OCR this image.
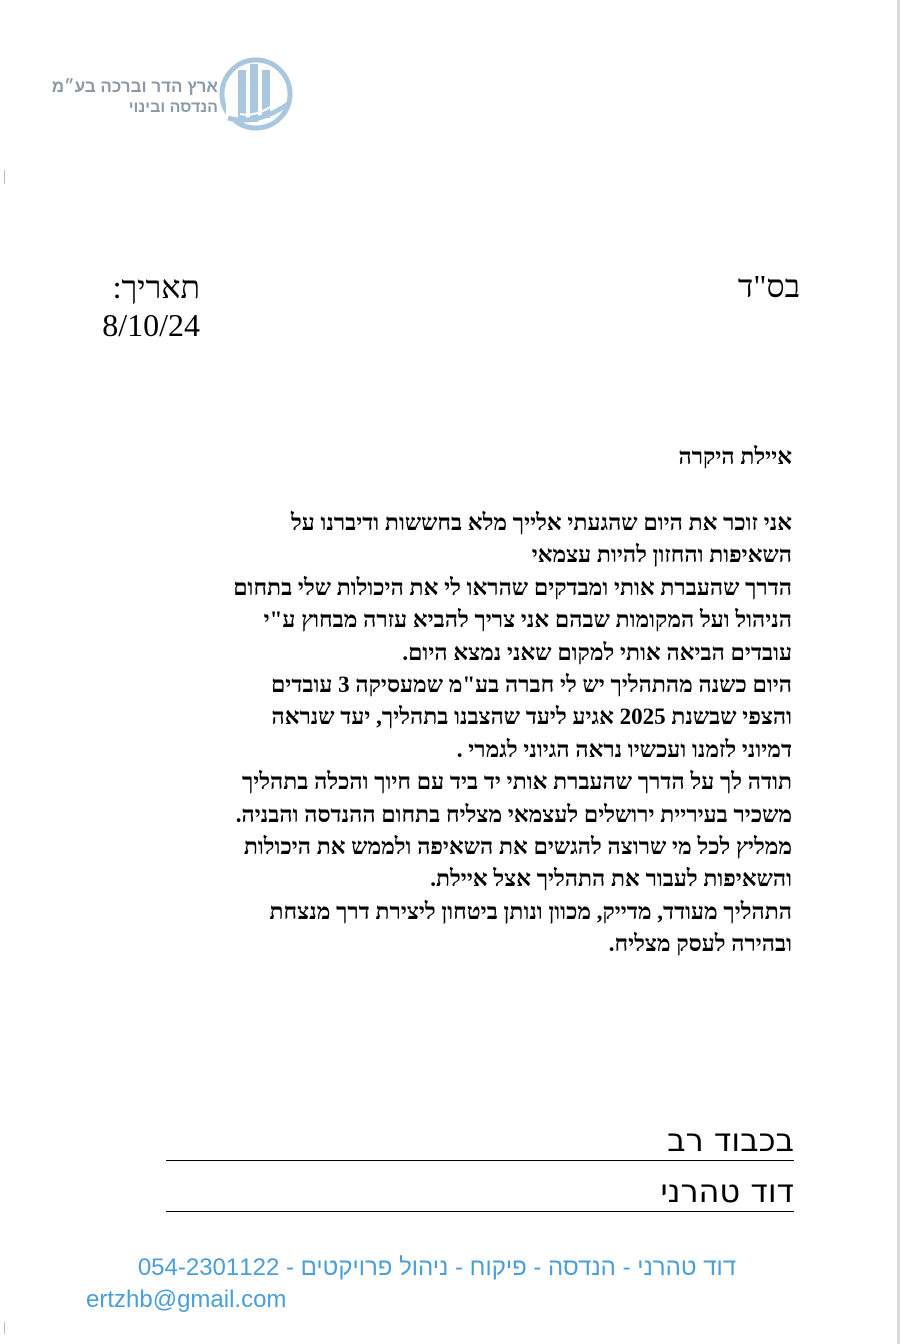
ארץ הדר וברכה בע״מ
הנדסה ובינוי
בס"ד
תאריך:
8/10/24
איילת היקרה
אני זוכר את היום שהגעתי אלייך מלא בחששות ודיברנו על
השאיפות והחזון להיות עצמאי
הדרך שהעברת אותי ומבדקים שהראו לי את היכולות שלי בתחום
הניהול ועל המקומות שבהם אני צריך להביא עזרה מבחוץ ע"י
עובדים הביאה אותי למקום שאני נמצא היום.
היום כשנה מהתהליך יש לי חברה בע"מ שמעסיקה 3 עובדים
והצפי שבשנת 2025 אגיע ליעד שהצבנו בתהליך, יעד שנראה
דמיוני לזמנו ועכשיו נראה הגיוני לגמרי .
תודה לך על הדרך שהעברת אותי יד ביד עם חיוך והכלה בתהליך
משכיר בעיריית ירושלים לעצמאי מצליח בתחום ההנדסה והבניה.
ממליץ לכל מי שרוצה להגשים את השאיפה ולממש את היכולות
והשאיפות לעבור את התהליך אצל איילת.
התהליך מעודד, מדייק, מכוון ונותן ביטחון ליצירת דרך מנצחת
ובהירה לעסק מצליח.
בכבוד רב
דוד טהרני
דוד טהרני - הנדסה - פיקוח - ניהול פרויקטים - 054-2301122
ertzhb@gmail.com
